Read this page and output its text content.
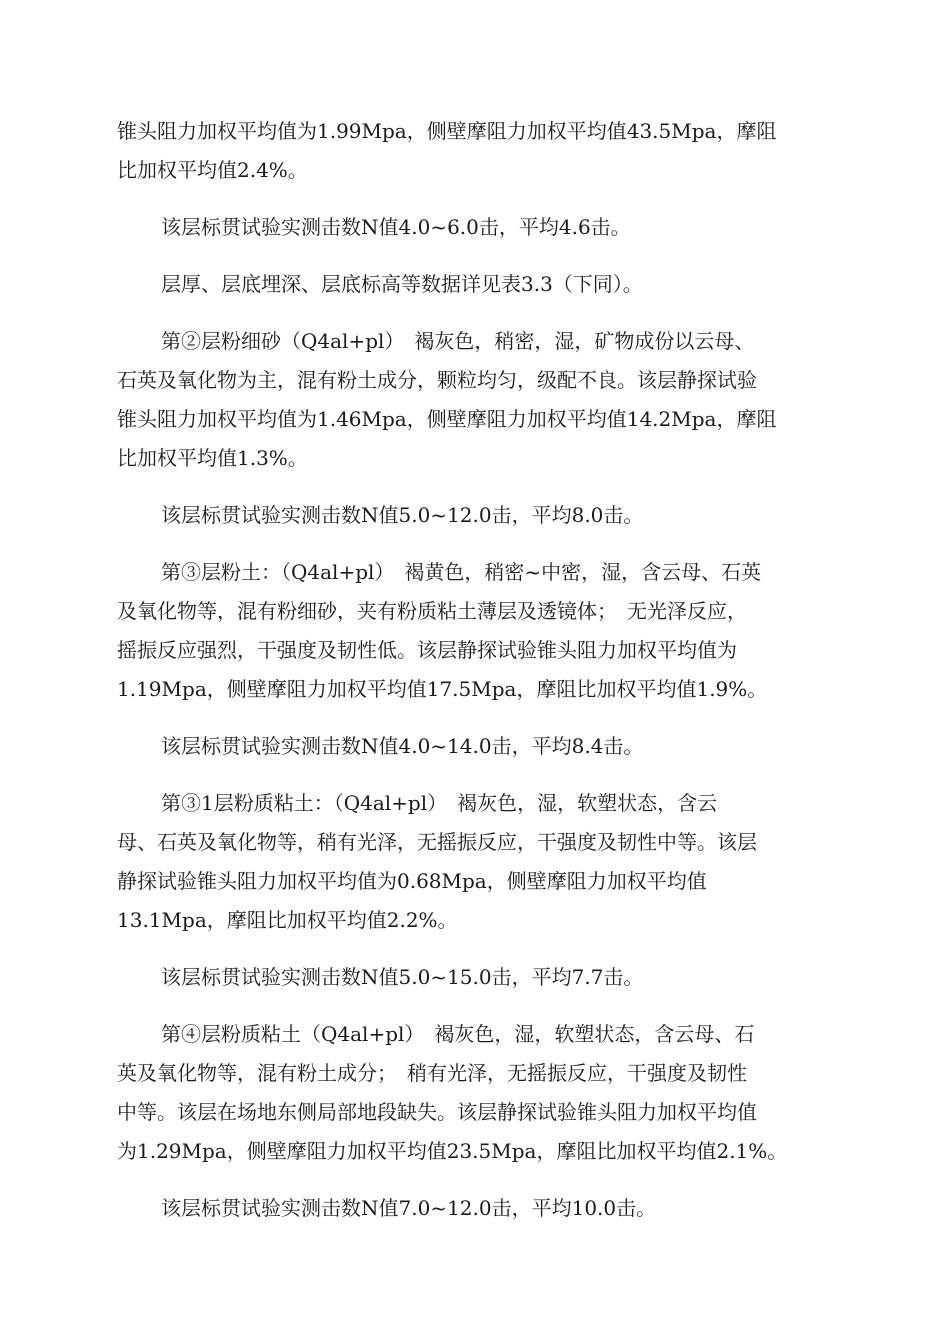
锥头阻力加权平均值为1.99Mpa，侧壁摩阻力加权平均值43.5Mpa，摩阻
比加权平均值2.4%。
该层标贯试验实测击数N值4.0~6.0击，平均4.6击。
层厚、层底埋深、层底标高等数据详见表3.3（下同）。
第②层粉细砂（Q4al+pl）　褐灰色，稍密，湿，矿物成份以云母、
石英及氧化物为主，混有粉土成分，颗粒均匀，级配不良。该层静探试验
锥头阻力加权平均值为1.46Mpa，侧壁摩阻力加权平均值14.2Mpa，摩阻
比加权平均值1.3%。
该层标贯试验实测击数N值5.0~12.0击，平均8.0击。
第③层粉土：（Q4al+pl）　褐黄色，稍密~中密，湿，含云母、石英
及氧化物等，混有粉细砂，夹有粉质粘土薄层及透镜体；　无光泽反应，
摇振反应强烈，干强度及韧性低。该层静探试验锥头阻力加权平均值为
1.19Mpa，侧壁摩阻力加权平均值17.5Mpa，摩阻比加权平均值1.9%。
该层标贯试验实测击数N值4.0~14.0击，平均8.4击。
第③1层粉质粘土：（Q4al+pl）　褐灰色，湿，软塑状态，含云
母、石英及氧化物等，稍有光泽，无摇振反应，干强度及韧性中等。该层
静探试验锥头阻力加权平均值为0.68Mpa，侧壁摩阻力加权平均值
13.1Mpa，摩阻比加权平均值2.2%。
该层标贯试验实测击数N值5.0~15.0击，平均7.7击。
第④层粉质粘土（Q4al+pl）　褐灰色，湿，软塑状态，含云母、石
英及氧化物等，混有粉土成分；　稍有光泽，无摇振反应，干强度及韧性
中等。该层在场地东侧局部地段缺失。该层静探试验锥头阻力加权平均值
为1.29Mpa，侧壁摩阻力加权平均值23.5Mpa，摩阻比加权平均值2.1%。
该层标贯试验实测击数N值7.0~12.0击，平均10.0击。
